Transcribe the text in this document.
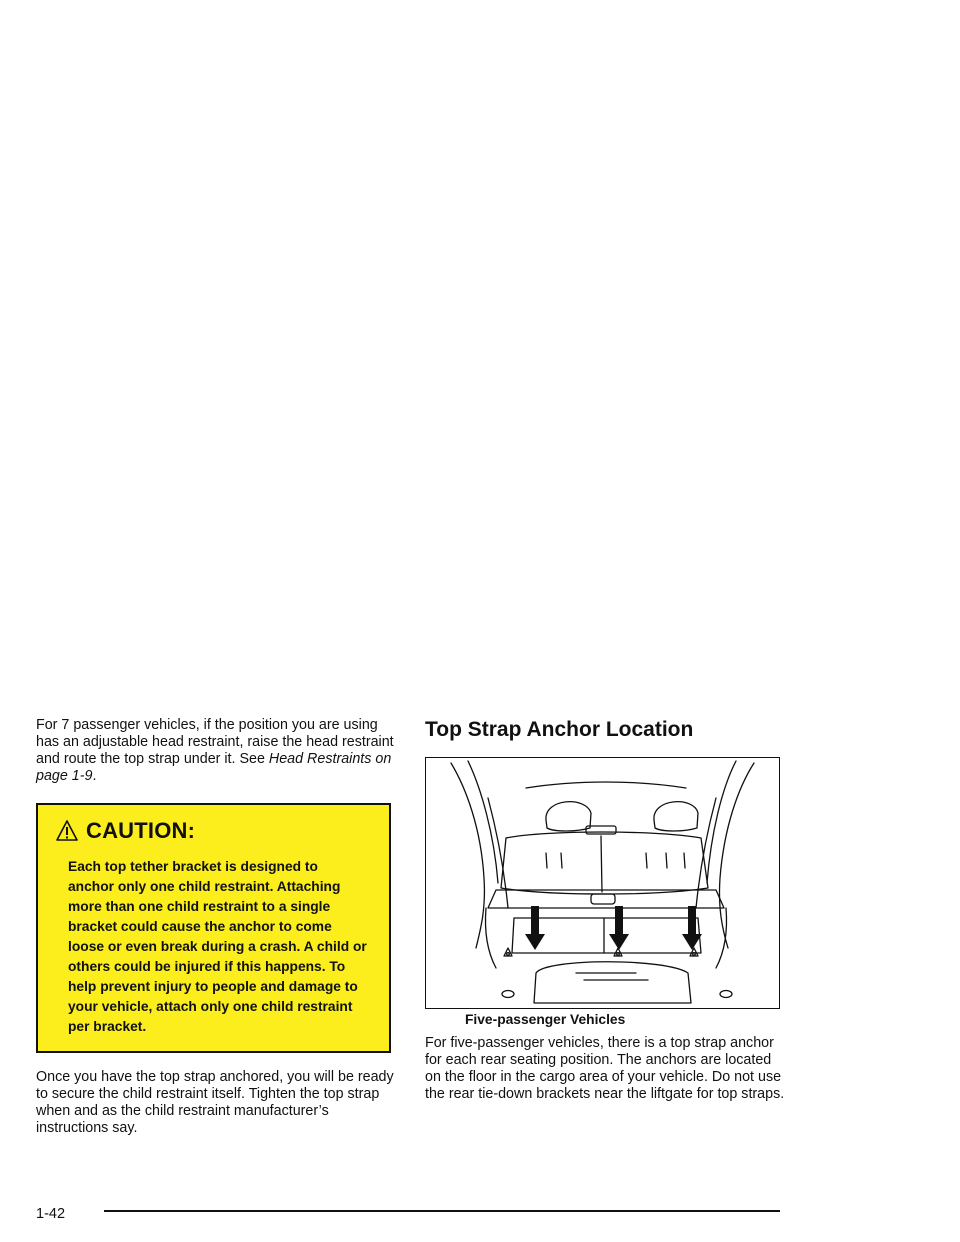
For 7 passenger vehicles, if the position you are using has an adjustable head restraint, raise the head restraint and route the top strap under it. See Head Restraints on page 1-9.

CAUTION:
Each top tether bracket is designed to anchor only one child restraint. Attaching more than one child restraint to a single bracket could cause the anchor to come loose or even break during a crash. A child or others could be injured if this happens. To help prevent injury to people and damage to your vehicle, attach only one child restraint per bracket.

Once you have the top strap anchored, you will be ready to secure the child restraint itself. Tighten the top strap when and as the child restraint manufacturer’s instructions say.

Top Strap Anchor Location
Five-passenger Vehicles

For five-passenger vehicles, there is a top strap anchor for each rear seating position. The anchors are located on the floor in the cargo area of your vehicle. Do not use the rear tie-down brackets near the liftgate for top straps.

1-42
